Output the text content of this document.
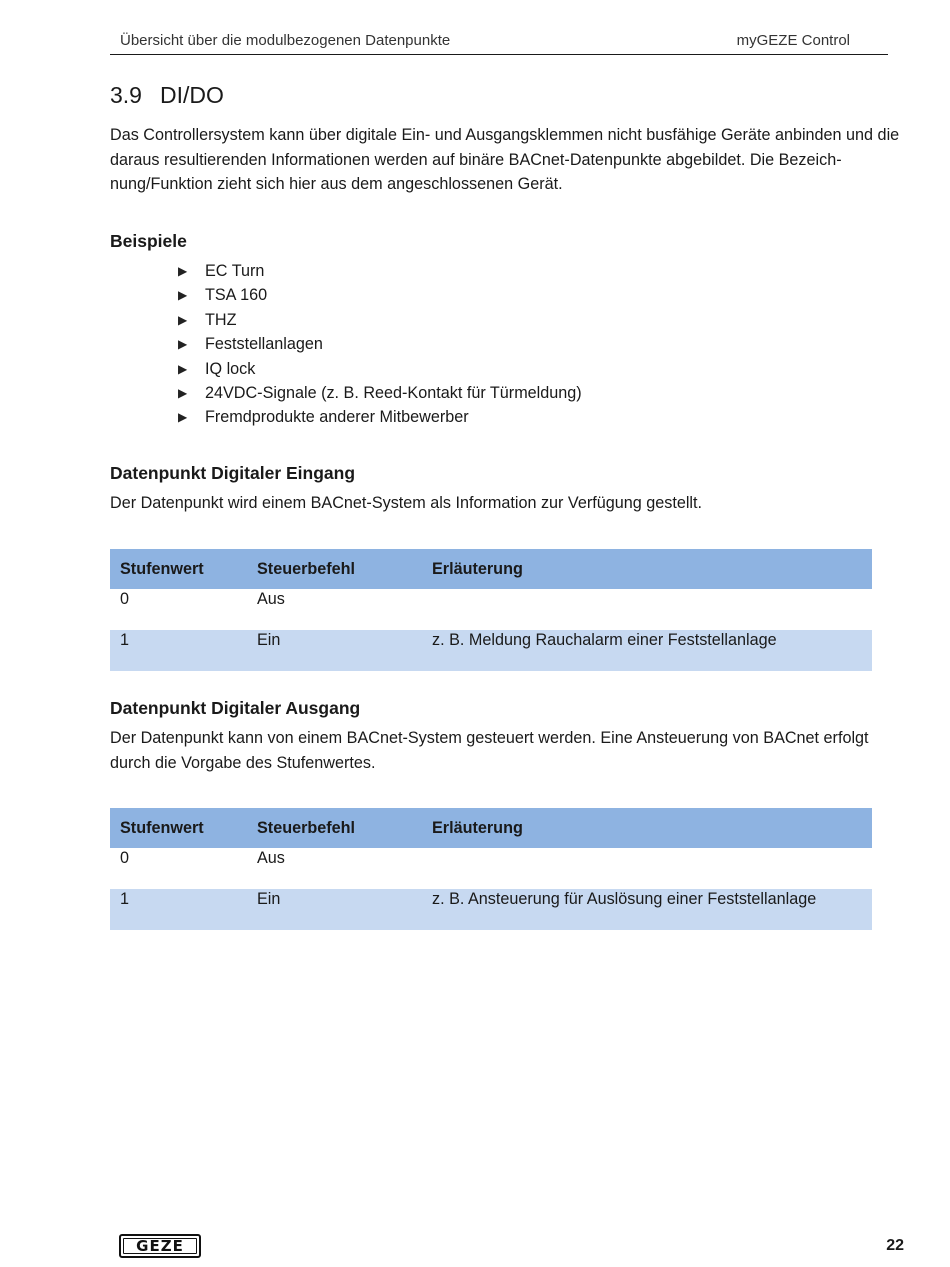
Übersicht über die modulbezogenen Datenpunkte	myGEZE Control
3.9 DI/DO

Das Controllersystem kann über digitale Ein- und Ausgangsklemmen nicht busfähige Geräte anbinden und die daraus resultierenden Informationen werden auf binäre BACnet-Datenpunkte abgebildet. Die Bezeich-nung/Funktion zieht sich hier aus dem angeschlossenen Gerät.

Beispiele
▶ EC Turn
▶ TSA 160
▶ THZ
▶ Feststellanlagen
▶ IQ lock
▶ 24VDC-Signale (z. B. Reed-Kontakt für Türmeldung)
▶ Fremdprodukte anderer Mitbewerber
Datenpunkt Digitaler Eingang

Der Datenpunkt wird einem BACnet-System als Information zur Verfügung gestellt.

Stufenwert	Steuerbefehl	Erläuterung
0	Aus	
1	Ein	z. B. Meldung Rauchalarm einer Feststellanlage
Datenpunkt Digitaler Ausgang

Der Datenpunkt kann von einem BACnet-System gesteuert werden. Eine Ansteuerung von BACnet erfolgt durch die Vorgabe des Stufenwertes.

Stufenwert	Steuerbefehl	Erläuterung
0	Aus	
1	Ein	z. B. Ansteuerung für Auslösung einer Feststellanlage
GEZE	22
